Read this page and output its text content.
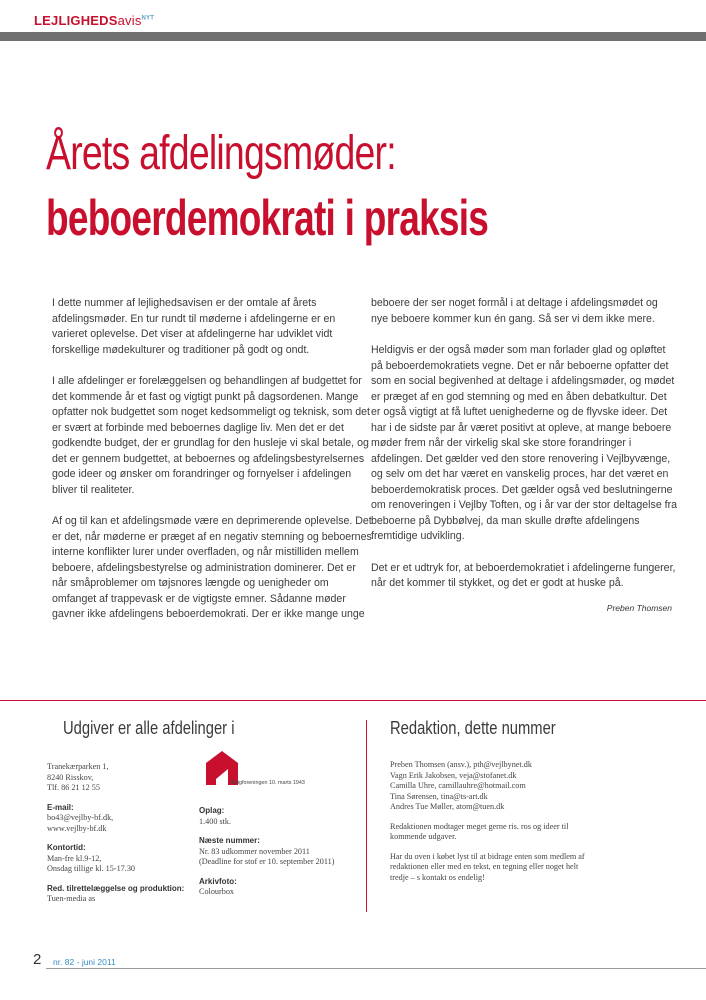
LEJLIGHEDSavis$^{NYT}$
Årets afdelingsmøder:
beboerdemokrati i praksis

I dette nummer af lejlighedsavisen er der omtale af årets afdelingsmøder. En tur rundt til møderne i afdelingerne er en varieret oplevelse. Det viser at afdelingerne har udviklet vidt forskellige mødekulturer og traditioner på godt og ondt.

I alle afdelinger er forelæggelsen og behandlingen af budgettet for det kommende år et fast og vigtigt punkt på dagsordenen. Mange opfatter nok budgettet som noget kedsommeligt og teknisk, som det er svært at forbinde med beboernes daglige liv. Men det er det godkendte budget, der er grundlag for den husleje vi skal betale, og det er gennem budgettet, at beboernes og afdelingsbestyrelsernes gode ideer og ønsker om forandringer og fornyelser i afdelingen bliver til realiteter.

Af og til kan et afdelingsmøde være en deprimerende oplevelse. Det er det, når møderne er præget af en negativ stemning og beboernes interne konflikter lurer under overfladen, og når mistilliden mellem beboere, afdelingsbestyrelse og administration dominerer. Det er når småproblemer om tøjsnores længde og uenigheder om omfanget af trappevask er de vigtigste emner. Sådanne møder gavner ikke afdelingens beboerdemokrati. Der er ikke mange unge

beboere der ser noget formål i at deltage i afdelingsmødet og nye beboere kommer kun én gang. Så ser vi dem ikke mere.

Heldigvis er der også møder som man forlader glad og opløftet på beboerdemokratiets vegne. Det er når beboerne opfatter det som en social begivenhed at deltage i afdelingsmøder, og mødet er præget af en god stemning og med en åben debatkultur. Det er også vigtigt at få luftet uenighederne og de flyvske ideer. Det har i de sidste par år været positivt at opleve, at mange beboere møder frem når der virkelig skal ske store forandringer i afdelingen. Det gælder ved den store renovering i Vejlbyvænge, og selv om det har været en vanskelig proces, har det været en beboerdemokratisk proces. Det gælder også ved beslutningerne om renoveringen i Vejlby Toften, og i år var der stor deltagelse fra beboerne på Dybbølvej, da man skulle drøfte afdelingens fremtidige udvikling.

Det er et udtryk for, at beboerdemokratiet i afdelingerne fungerer, når det kommer til stykket, og det er godt at huske på.

Preben Thomsen
Udgiver er alle afdelinger i	Redaktion, dette nummer
Tranekærparken 1,
8240 Risskov,
Tlf. 86 21 12 55
E-mail:
bo43@vejlby-bf.dk,
www.vejlby-bf.dk
Kontortid:
Man-fre kl.9-12,
Onsdag tillige kl. 15-17.30
Red. tilrettelæggelse og produktion:
Tuen-media as
Boligforeningen 10. marts 1943
Oplag:
1.400 stk.
Næste nummer:
Nr. 83 udkommer november 2011
(Deadline for stof er 10. september 2011)
Arkivfoto:
Colourbox
Preben Thomsen (ansv.), pth@vejlbynet.dk
Vagn Erik Jakobsen, veja@stofanet.dk
Camilla Uhre, camillauhre@hotmail.com
Tina Sørensen, tina@ts-art.dk
Andres Tue Møller, atom@tuen.dk
Redaktionen modtager meget gerne ris. ros og ideer til kommende udgaver.
Har du oven i købet lyst til at bidrage enten som medlem af redaktionen eller med en tekst, en tegning eller noget helt tredje – s kontakt os endelig!
2 nr. 82 - juni 2011
